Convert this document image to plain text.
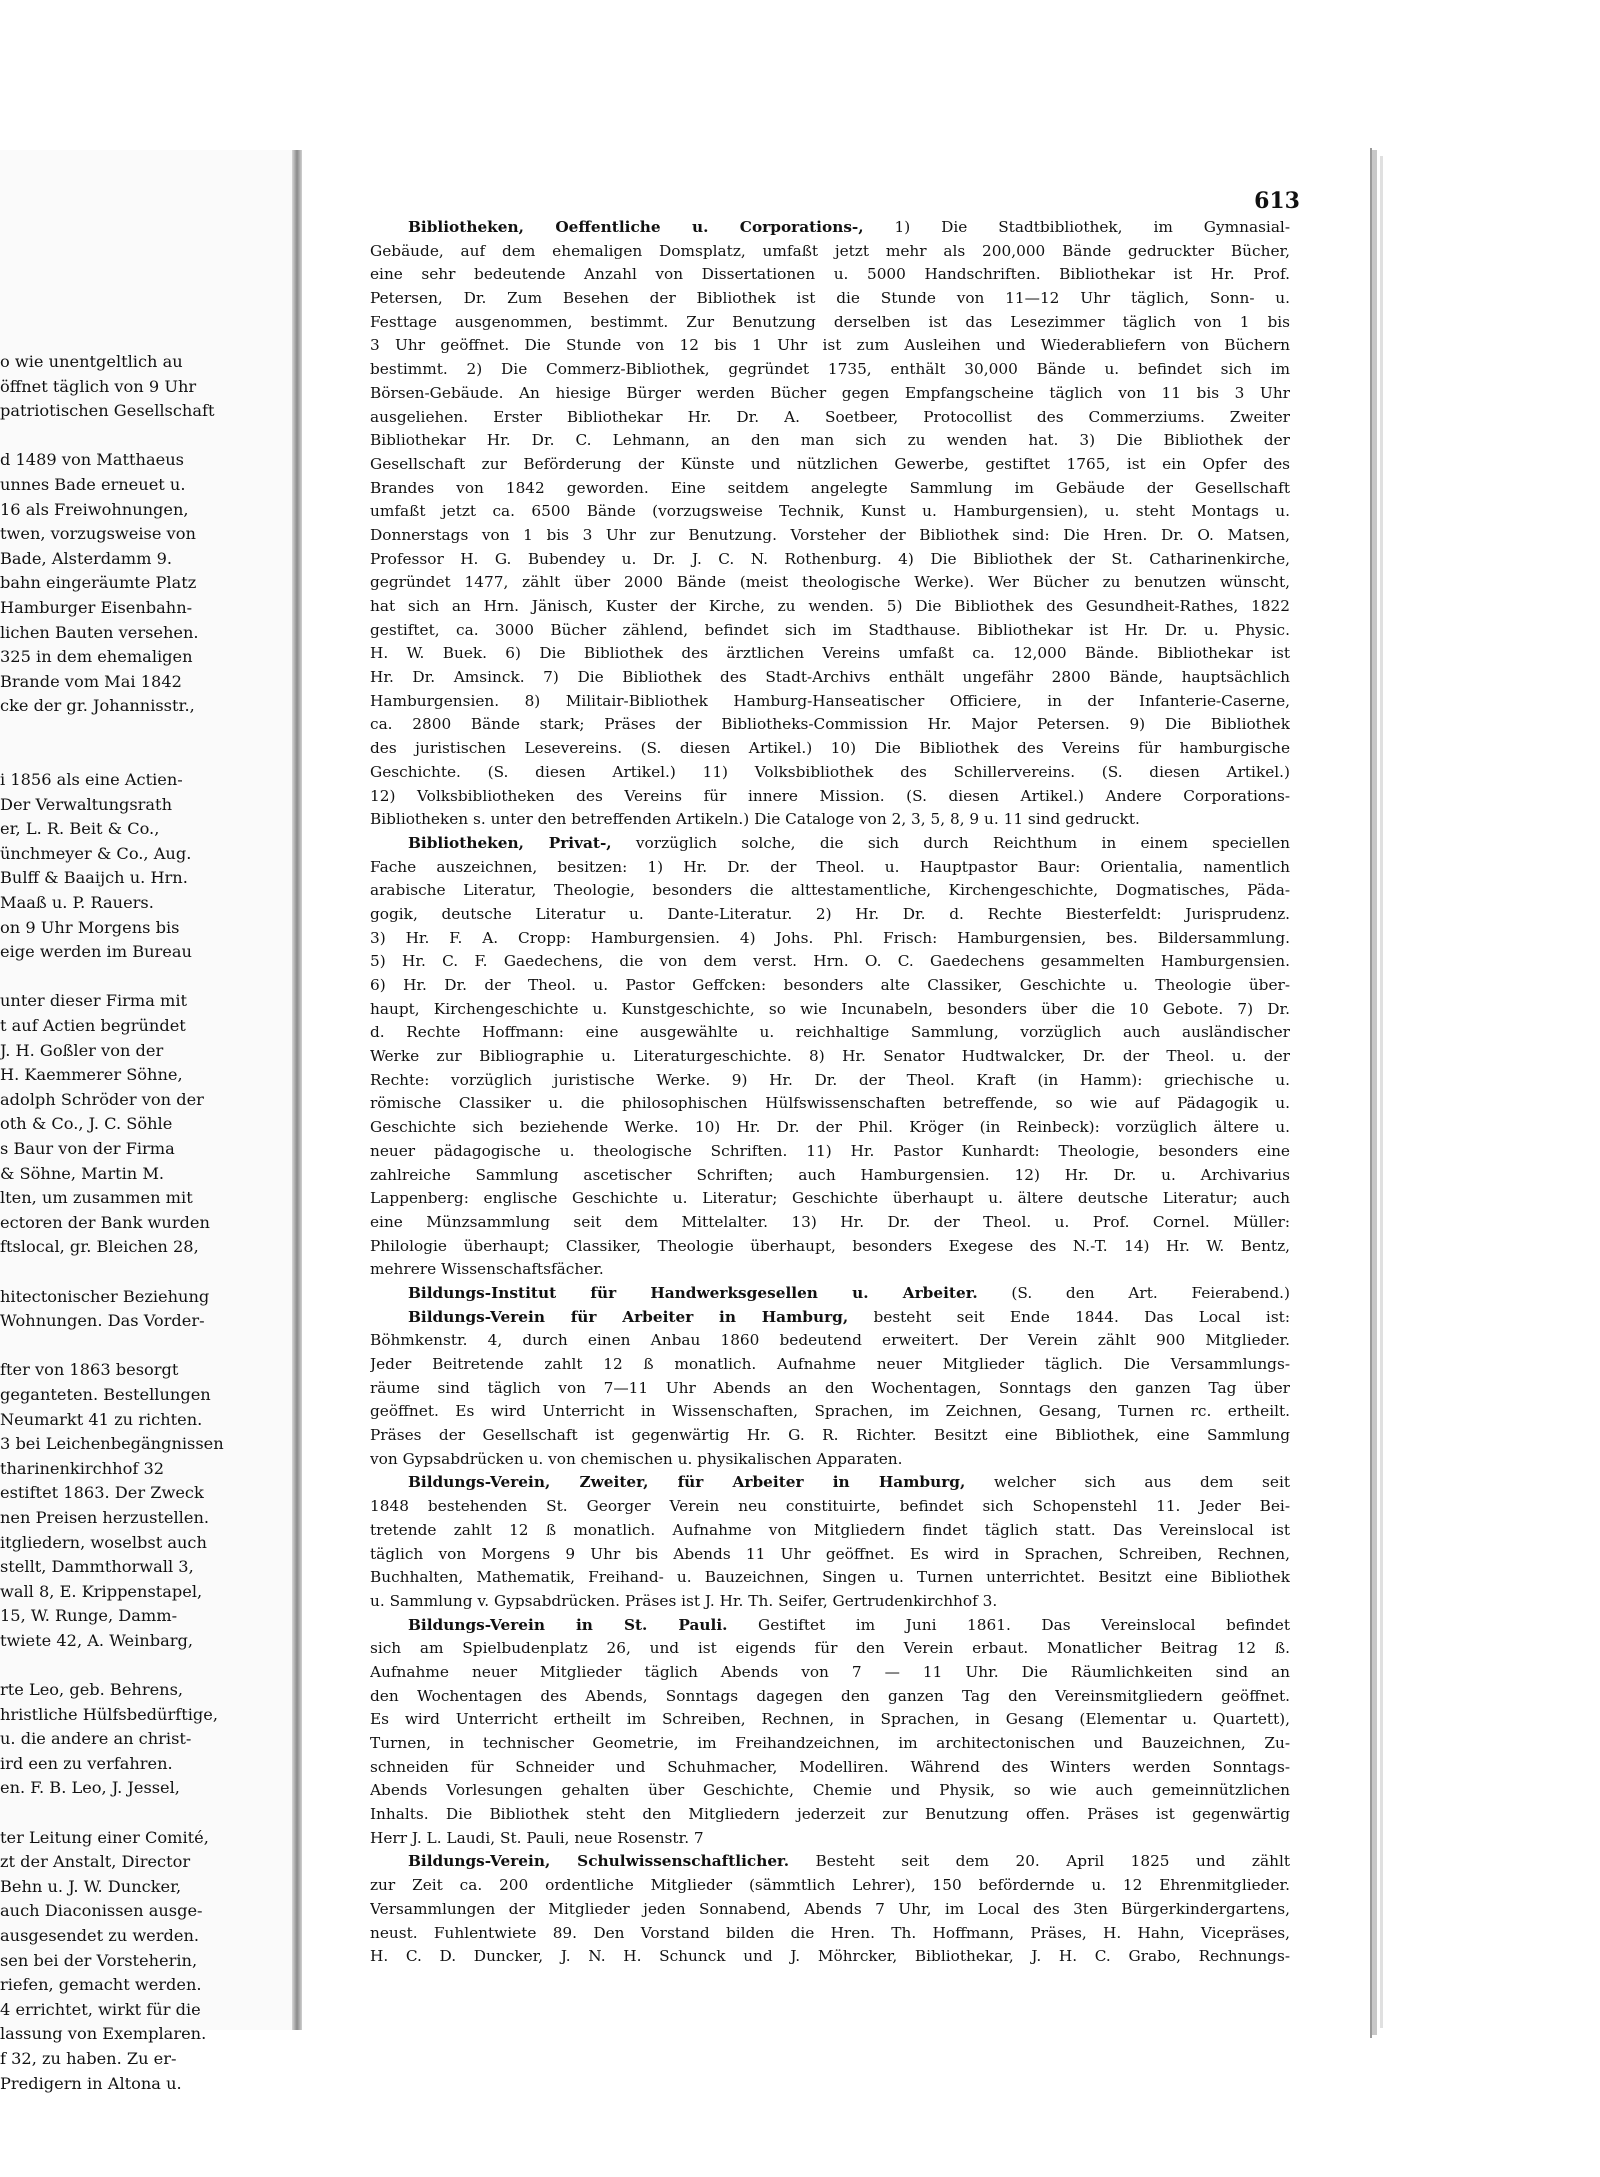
o wie unentgeltlich au
öffnet täglich von 9 Uhr
patriotischen Gesellschaft
d 1489 von Matthaeus
unnes Bade erneuet u.
16 als Freiwohnungen,
twen, vorzugsweise von
Bade, Alsterdamm 9.
bahn eingeräumte Platz
Hamburger Eisenbahn-
lichen Bauten versehen.
325 in dem ehemaligen
Brande vom Mai 1842
cke der gr. Johannisstr.,
i 1856 als eine Actien-
Der Verwaltungsrath
er, L. R. Beit & Co.,
ünchmeyer & Co., Aug.
Bulff & Baaijch u. Hrn.
Maaß u. P. Rauers.
on 9 Uhr Morgens bis
eige werden im Bureau
unter dieser Firma mit
t auf Actien begründet
J. H. Goßler von der
H. Kaemmerer Söhne,
adolph Schröder von der
oth & Co., J. C. Söhle
s Baur von der Firma
& Söhne, Martin M.
lten, um zusammen mit
ectoren der Bank wurden
ftslocal, gr. Bleichen 28,
hitectonischer Beziehung
Wohnungen. Das Vorder-
fter von 1863 besorgt
geganteten. Bestellungen
Neumarkt 41 zu richten.
3 bei Leichenbegängnissen
tharinenkirchhof 32
estiftet 1863. Der Zweck
nen Preisen herzustellen.
itgliedern, woselbst auch
stellt, Dammthorwall 3,
wall 8, E. Krippenstapel,
15, W. Runge, Damm-
twiete 42, A. Weinbarg,
rte Leo, geb. Behrens,
hristliche Hülfsbedürftige,
u. die andere an christ-
ird een zu verfahren.
en. F. B. Leo, J. Jessel,
ter Leitung einer Comité,
zt der Anstalt, Director
Behn u. J. W. Duncker,
auch Diaconissen ausge-
ausgesendet zu werden.
sen bei der Vorsteherin,
riefen, gemacht werden.
4 errichtet, wirkt für die
lassung von Exemplaren.
f 32, zu haben. Zu er-
Predigern in Altona u.
613
Bibliotheken, Oeffentliche u. Corporations-, 1) Die Stadtbibliothek, im Gymnasial-
Gebäude, auf dem ehemaligen Domsplatz, umfaßt jetzt mehr als 200,000 Bände gedruckter Bücher,
eine sehr bedeutende Anzahl von Dissertationen u. 5000 Handschriften. Bibliothekar ist Hr. Prof.
Petersen, Dr. Zum Besehen der Bibliothek ist die Stunde von 11—12 Uhr täglich, Sonn- u.
Festtage ausgenommen, bestimmt. Zur Benutzung derselben ist das Lesezimmer täglich von 1 bis
3 Uhr geöffnet. Die Stunde von 12 bis 1 Uhr ist zum Ausleihen und Wiederabliefern von Büchern
bestimmt. 2) Die Commerz-Bibliothek, gegründet 1735, enthält 30,000 Bände u. befindet sich im
Börsen-Gebäude. An hiesige Bürger werden Bücher gegen Empfangscheine täglich von 11 bis 3 Uhr
ausgeliehen. Erster Bibliothekar Hr. Dr. A. Soetbeer, Protocollist des Commerziums. Zweiter
Bibliothekar Hr. Dr. C. Lehmann, an den man sich zu wenden hat. 3) Die Bibliothek der
Gesellschaft zur Beförderung der Künste und nützlichen Gewerbe, gestiftet 1765, ist ein Opfer des
Brandes von 1842 geworden. Eine seitdem angelegte Sammlung im Gebäude der Gesellschaft
umfaßt jetzt ca. 6500 Bände (vorzugsweise Technik, Kunst u. Hamburgensien), u. steht Montags u.
Donnerstags von 1 bis 3 Uhr zur Benutzung. Vorsteher der Bibliothek sind: Die Hren. Dr. O. Matsen,
Professor H. G. Bubendey u. Dr. J. C. N. Rothenburg. 4) Die Bibliothek der St. Catharinenkirche,
gegründet 1477, zählt über 2000 Bände (meist theologische Werke). Wer Bücher zu benutzen wünscht,
hat sich an Hrn. Jänisch, Kuster der Kirche, zu wenden. 5) Die Bibliothek des Gesundheit-Rathes, 1822
gestiftet, ca. 3000 Bücher zählend, befindet sich im Stadthause. Bibliothekar ist Hr. Dr. u. Physic.
H. W. Buek. 6) Die Bibliothek des ärztlichen Vereins umfaßt ca. 12,000 Bände. Bibliothekar ist
Hr. Dr. Amsinck. 7) Die Bibliothek des Stadt-Archivs enthält ungefähr 2800 Bände, hauptsächlich
Hamburgensien. 8) Militair-Bibliothek Hamburg-Hanseatischer Officiere, in der Infanterie-Caserne,
ca. 2800 Bände stark; Präses der Bibliotheks-Commission Hr. Major Petersen. 9) Die Bibliothek
des juristischen Lesevereins. (S. diesen Artikel.) 10) Die Bibliothek des Vereins für hamburgische
Geschichte. (S. diesen Artikel.) 11) Volksbibliothek des Schillervereins. (S. diesen Artikel.)
12) Volksbibliotheken des Vereins für innere Mission. (S. diesen Artikel.) Andere Corporations-
Bibliotheken s. unter den betreffenden Artikeln.) Die Cataloge von 2, 3, 5, 8, 9 u. 11 sind gedruckt.
Bibliotheken, Privat-, vorzüglich solche, die sich durch Reichthum in einem speciellen
Fache auszeichnen, besitzen: 1) Hr. Dr. der Theol. u. Hauptpastor Baur: Orientalia, namentlich
arabische Literatur, Theologie, besonders die alttestamentliche, Kirchengeschichte, Dogmatisches, Päda-
gogik, deutsche Literatur u. Dante-Literatur. 2) Hr. Dr. d. Rechte Biesterfeldt: Jurisprudenz.
3) Hr. F. A. Cropp: Hamburgensien. 4) Johs. Phl. Frisch: Hamburgensien, bes. Bildersammlung.
5) Hr. C. F. Gaedechens, die von dem verst. Hrn. O. C. Gaedechens gesammelten Hamburgensien.
6) Hr. Dr. der Theol. u. Pastor Geffcken: besonders alte Classiker, Geschichte u. Theologie über-
haupt, Kirchengeschichte u. Kunstgeschichte, so wie Incunabeln, besonders über die 10 Gebote. 7) Dr.
d. Rechte Hoffmann: eine ausgewählte u. reichhaltige Sammlung, vorzüglich auch ausländischer
Werke zur Bibliographie u. Literaturgeschichte. 8) Hr. Senator Hudtwalcker, Dr. der Theol. u. der
Rechte: vorzüglich juristische Werke. 9) Hr. Dr. der Theol. Kraft (in Hamm): griechische u.
römische Classiker u. die philosophischen Hülfswissenschaften betreffende, so wie auf Pädagogik u.
Geschichte sich beziehende Werke. 10) Hr. Dr. der Phil. Kröger (in Reinbeck): vorzüglich ältere u.
neuer pädagogische u. theologische Schriften. 11) Hr. Pastor Kunhardt: Theologie, besonders eine
zahlreiche Sammlung ascetischer Schriften; auch Hamburgensien. 12) Hr. Dr. u. Archivarius
Lappenberg: englische Geschichte u. Literatur; Geschichte überhaupt u. ältere deutsche Literatur; auch
eine Münzsammlung seit dem Mittelalter. 13) Hr. Dr. der Theol. u. Prof. Cornel. Müller:
Philologie überhaupt; Classiker, Theologie überhaupt, besonders Exegese des N.-T. 14) Hr. W. Bentz,
mehrere Wissenschaftsfächer.
Bildungs-Institut für Handwerksgesellen u. Arbeiter. (S. den Art. Feierabend.)
Bildungs-Verein für Arbeiter in Hamburg, besteht seit Ende 1844. Das Local ist:
Böhmkenstr. 4, durch einen Anbau 1860 bedeutend erweitert. Der Verein zählt 900 Mitglieder.
Jeder Beitretende zahlt 12 ß monatlich. Aufnahme neuer Mitglieder täglich. Die Versammlungs-
räume sind täglich von 7—11 Uhr Abends an den Wochentagen, Sonntags den ganzen Tag über
geöffnet. Es wird Unterricht in Wissenschaften, Sprachen, im Zeichnen, Gesang, Turnen rc. ertheilt.
Präses der Gesellschaft ist gegenwärtig Hr. G. R. Richter. Besitzt eine Bibliothek, eine Sammlung
von Gypsabdrücken u. von chemischen u. physikalischen Apparaten.
Bildungs-Verein, Zweiter, für Arbeiter in Hamburg, welcher sich aus dem seit
1848 bestehenden St. Georger Verein neu constituirte, befindet sich Schopenstehl 11. Jeder Bei-
tretende zahlt 12 ß monatlich. Aufnahme von Mitgliedern findet täglich statt. Das Vereinslocal ist
täglich von Morgens 9 Uhr bis Abends 11 Uhr geöffnet. Es wird in Sprachen, Schreiben, Rechnen,
Buchhalten, Mathematik, Freihand- u. Bauzeichnen, Singen u. Turnen unterrichtet. Besitzt eine Bibliothek
u. Sammlung v. Gypsabdrücken. Präses ist J. Hr. Th. Seifer, Gertrudenkirchhof 3.
Bildungs-Verein in St. Pauli. Gestiftet im Juni 1861. Das Vereinslocal befindet
sich am Spielbudenplatz 26, und ist eigends für den Verein erbaut. Monatlicher Beitrag 12 ß.
Aufnahme neuer Mitglieder täglich Abends von 7 — 11 Uhr. Die Räumlichkeiten sind an
den Wochentagen des Abends, Sonntags dagegen den ganzen Tag den Vereinsmitgliedern geöffnet.
Es wird Unterricht ertheilt im Schreiben, Rechnen, in Sprachen, in Gesang (Elementar u. Quartett),
Turnen, in technischer Geometrie, im Freihandzeichnen, im architectonischen und Bauzeichnen, Zu-
schneiden für Schneider und Schuhmacher, Modelliren. Während des Winters werden Sonntags-
Abends Vorlesungen gehalten über Geschichte, Chemie und Physik, so wie auch gemeinnützlichen
Inhalts. Die Bibliothek steht den Mitgliedern jederzeit zur Benutzung offen. Präses ist gegenwärtig
Herr J. L. Laudi, St. Pauli, neue Rosenstr. 7
Bildungs-Verein, Schulwissenschaftlicher. Besteht seit dem 20. April 1825 und zählt
zur Zeit ca. 200 ordentliche Mitglieder (sämmtlich Lehrer), 150 befördernde u. 12 Ehrenmitglieder.
Versammlungen der Mitglieder jeden Sonnabend, Abends 7 Uhr, im Local des 3ten Bürgerkindergartens,
neust. Fuhlentwiete 89. Den Vorstand bilden die Hren. Th. Hoffmann, Präses, H. Hahn, Vicepräses,
H. C. D. Duncker, J. N. H. Schunck und J. Möhrcker, Bibliothekar, J. H. C. Grabo, Rechnungs-
